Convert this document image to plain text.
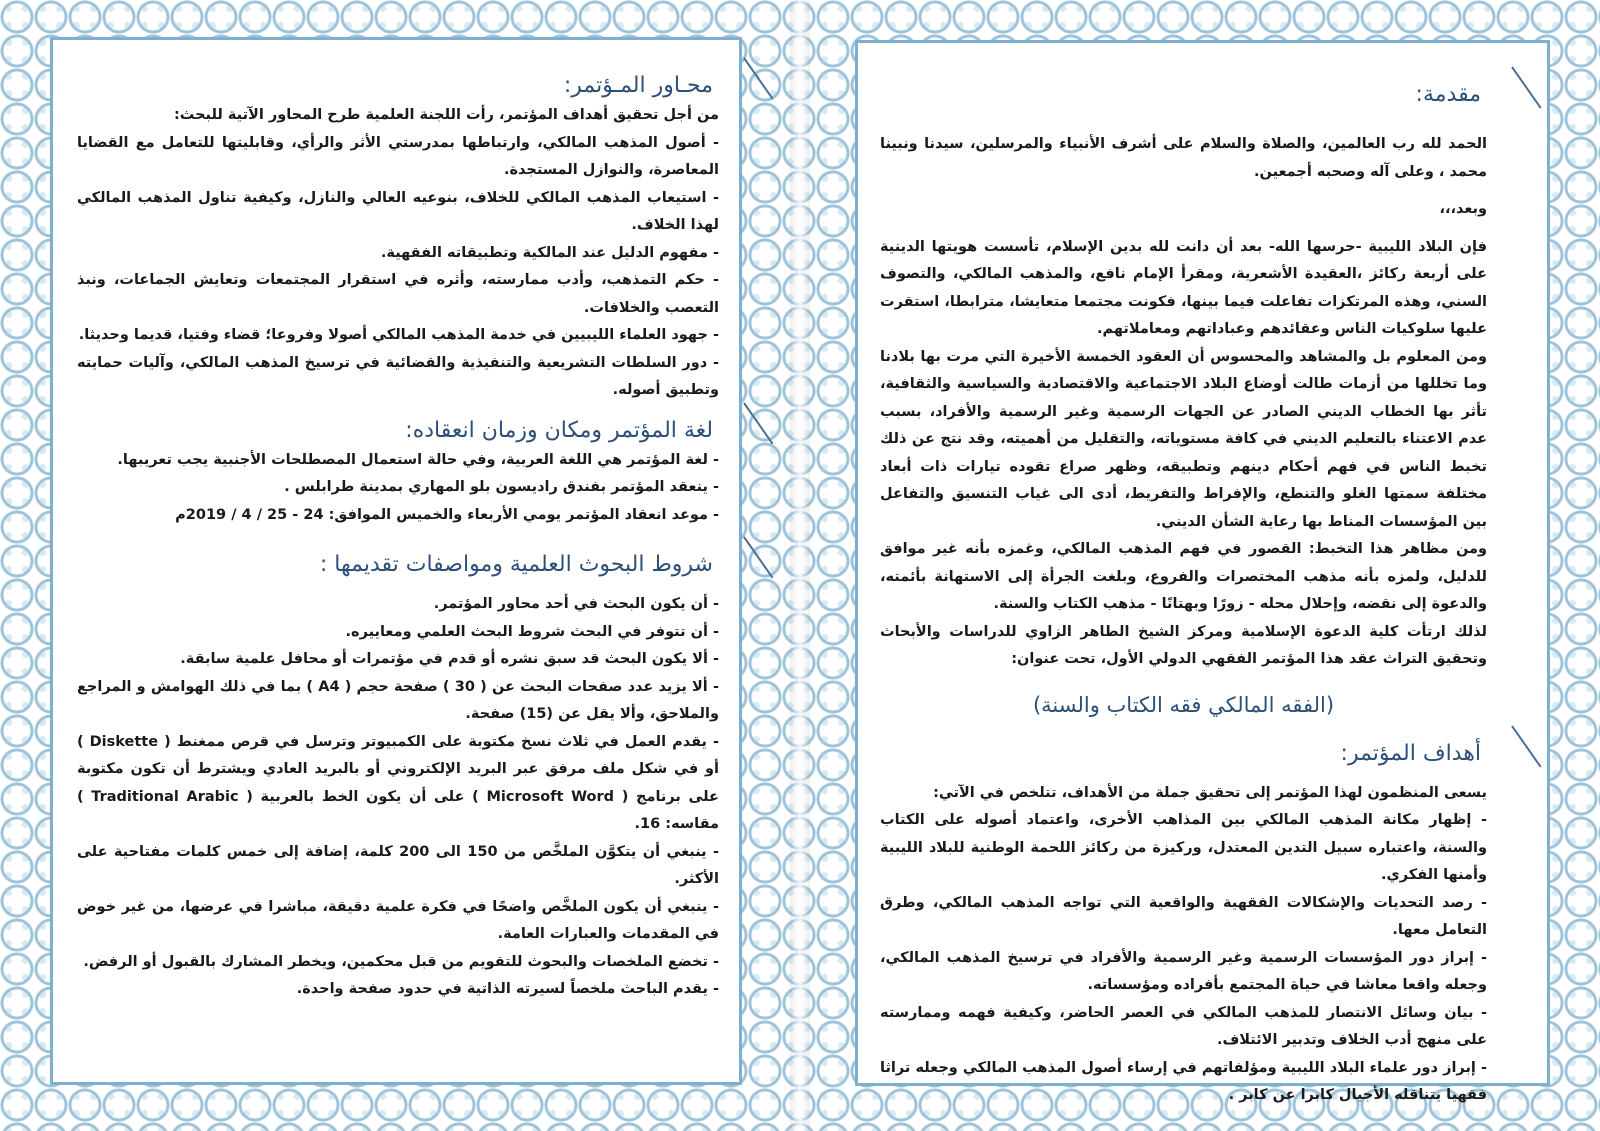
محـاور المـؤتمر:

من أجل تحقيق أهداف المؤتمر، رأت اللجنة العلمية طرح المحاور الآتية للبحث:

- أصول المذهب المالكي، وارتباطها بمدرستي الأثر والرأي، وقابليتها للتعامل مع القضايا المعاصرة، والنوازل المستجدة.

- استيعاب المذهب المالكي للخلاف، بنوعيه العالي والنازل، وكيفية تناول المذهب المالكي لهذا الخلاف.

- مفهوم الدليل عند المالكية وتطبيقاته الفقهية.

- حكم التمذهب، وأدب ممارسته، وأثره في استقرار المجتمعات وتعايش الجماعات، ونبذ التعصب والخلافات.

- جهود العلماء الليبيين في خدمة المذهب المالكي أصولا وفروعا؛ قضاء وفتيا، قديما وحديثا.

- دور السلطات التشريعية والتنفيذية والقضائية في ترسيخ المذهب المالكي، وآليات حمايته وتطبيق أصوله.

لغة المؤتمر ومكان وزمان انعقاده:

- لغة المؤتمر هي اللغة العربية، وفي حالة استعمال المصطلحات الأجنبية يجب تعريبها.

- ينعقد المؤتمر بفندق راديسون بلو المهاري بمدينة طرابلس .

- موعد انعقاد المؤتمر يومي الأربعاء والخميس الموافق: 24 - 25 / 4 / 2019م

شروط البحوث العلمية ومواصفات تقديمها :

- أن يكون البحث في أحد محاور المؤتمر.

- أن تتوفر في البحث شروط البحث العلمي ومعاييره.

- ألا يكون البحث قد سبق نشره أو قدم في مؤتمرات أو محافل علمية سابقة.

- ألا يزيد عدد صفحات البحث عن ( 30 ) صفحة حجم ( A4 ) بما في ذلك الهوامش و المراجع والملاحق، وألا يقل عن (15) صفحة.

- يقدم العمل في ثلاث نسخ مكتوبة على الكمبيوتر وترسل في قرص ممغنط ( Diskette ) أو في شكل ملف مرفق عبر البريد الإلكتروني أو بالبريد العادي ويشترط أن تكون مكتوبة على برنامج ( Microsoft Word ) على أن يكون الخط بالعربية ( Traditional Arabic ) مقاسه: 16.

- ينبغي أن يتكوَّن الملخَّص من 150 الى 200 كلمة، إضافة إلى خمس كلمات مفتاحية على الأكثر.

- ينبغي أن يكون الملخَّص واضحًا في فكرة علمية دقيقة، مباشرا في عرضها، من غير خوض في المقدمات والعبارات العامة.

- تخضع الملخصات والبحوث للتقويم من قبل محكمين، ويخطر المشارك بالقبول أو الرفض.

- يقدم الباحث ملخصاً لسيرته الذاتية في حدود صفحة واحدة.

مقدمة:

الحمد لله رب العالمين، والصلاة والسلام على أشرف الأنبياء والمرسلين، سيدنا ونبينا محمد ، وعلى آله وصحبه أجمعين.

وبعد،،،

فإن البلاد الليبية -حرسها الله- بعد أن دانت لله بدين الإسلام، تأسست هويتها الدينية على أربعة ركائز ،العقيدة الأشعرية، ومقرأ الإمام نافع، والمذهب المالكي، والتصوف السني، وهذه المرتكزات تفاعلت فيما بينها، فكونت مجتمعا متعايشا، مترابطا، استقرت عليها سلوكيات الناس وعقائدهم وعباداتهم ومعاملاتهم.

ومن المعلوم بل والمشاهد والمحسوس أن العقود الخمسة الأخيرة التي مرت بها بلادنا وما تخللها من أزمات طالت أوضاع البلاد الاجتماعية والاقتصادية والسياسية والثقافية، تأثر بها الخطاب الديني الصادر عن الجهات الرسمية وغير الرسمية والأفراد، بسبب عدم الاعتناء بالتعليم الديني في كافة مستوياته، والتقليل من أهميته، وقد نتج عن ذلك تخبط الناس في فهم أحكام دينهم وتطبيقه، وظهر صراع تقوده تيارات ذات أبعاد مختلفة سمتها الغلو والتنطع، والإفراط والتفريط، أدى الى غياب التنسيق والتفاعل بين المؤسسات المناط بها رعاية الشأن الديني.

ومن مظاهر هذا التخبط: القصور في فهم المذهب المالكي، وغمزه بأنه غير موافق للدليل، ولمزه بأنه مذهب المختصرات والفروع، وبلغت الجرأة إلى الاستهانة بأئمته، والدعوة إلى نقضه، وإحلال محله - زورًا وبهتانًا - مذهب الكتاب والسنة.

لذلك ارتأت كلية الدعوة الإسلامية ومركز الشيخ الطاهر الزاوي للدراسات والأبحاث وتحقيق التراث عقد هذا المؤتمر الفقهي الدولي الأول، تحت عنوان:

(الفقه المالكي فقه الكتاب والسنة)
أهداف المؤتمر:

يسعى المنظمون لهذا المؤتمر إلى تحقيق جملة من الأهداف، تتلخص في الآتي:

- إظهار مكانة المذهب المالكي بين المذاهب الأخرى، واعتماد أصوله على الكتاب والسنة، واعتباره سبيل التدين المعتدل، وركيزة من ركائز اللحمة الوطنية للبلاد الليبية وأمنها الفكري.

- رصد التحديات والإشكالات الفقهية والواقعية التي تواجه المذهب المالكي، وطرق التعامل معها.

- إبراز دور المؤسسات الرسمية وغير الرسمية والأفراد في ترسيخ المذهب المالكي، وجعله واقعا معاشا في حياة المجتمع بأفراده ومؤسساته.

- بيان وسائل الانتصار للمذهب المالكي في العصر الحاضر، وكيفية فهمه وممارسته على منهج أدب الخلاف وتدبير الائتلاف.

- إبراز دور علماء البلاد الليبية ومؤلفاتهم في إرساء أصول المذهب المالكي وجعله تراثا فقهيا يتناقله الأجيال كابرا عن كابر .
